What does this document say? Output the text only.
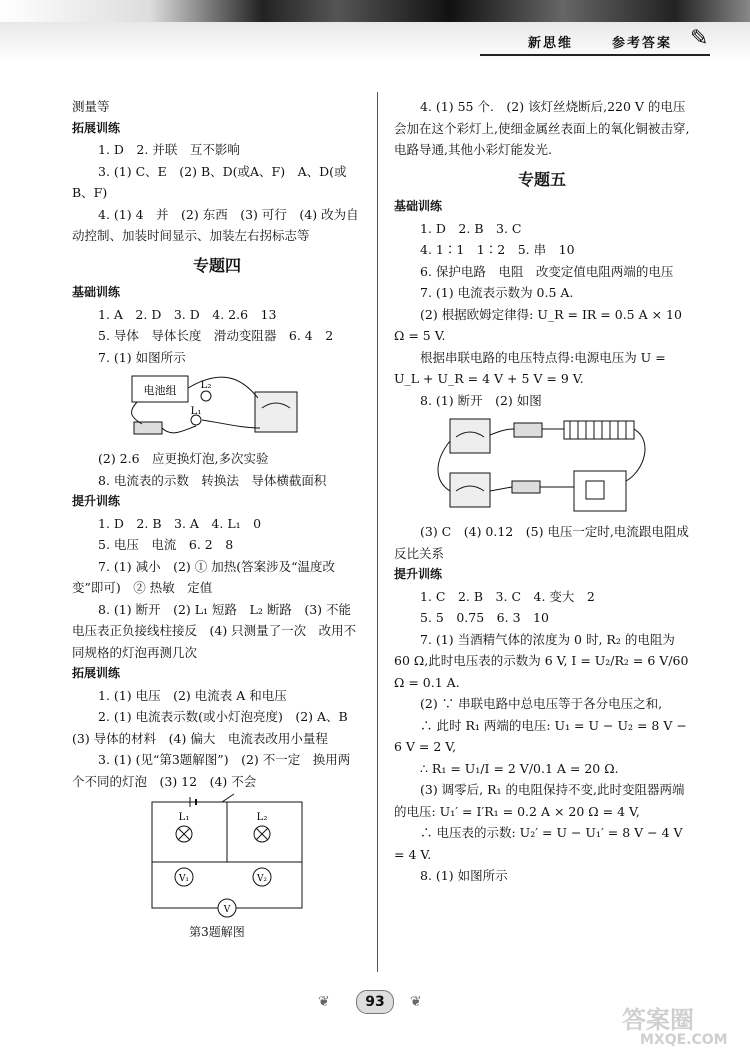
新思维	参考答案 ✎

测量等

拓展训练

1. D　2. 并联　互不影响

3. (1) C、E　(2) B、D(或A、F)　A、D(或B、F)

4. (1) 4　并　(2) 东西　(3) 可行　(4) 改为自动控制、加装时间显示、加装左右拐标志等

专题四

基础训练

1. A　2. D　3. D　4. 2.6　13

5. 导体　导体长度　滑动变阻器　6. 4　2

7. (1) 如图所示

电池组 L₂
L₁

(2) 2.6　应更换灯泡,多次实验

8. 电流表的示数　转换法　导体横截面积

提升训练

1. D　2. B　3. A　4. L₁　0

5. 电压　电流　6. 2　8

7. (1) 减小　(2) ① 加热(答案涉及“温度改变”即可)　② 热敏　定值

8. (1) 断开　(2) L₁ 短路　L₂ 断路　(3) 不能　电压表正负接线柱接反　(4) 只测量了一次　改用不同规格的灯泡再测几次

拓展训练

1. (1) 电压　(2) 电流表 A 和电压

2. (1) 电流表示数(或小灯泡亮度)　(2) A、B　(3) 导体的材料　(4) 偏大　电流表改用小量程

3. (1) (见“第3题解图”)　(2) 不一定　换用两个不同的灯泡　(3) 12　(4) 不会

L₁	L₂
V₁	V₂
V

第3题解图

4. (1) 55 个.　(2) 该灯丝烧断后,220 V 的电压会加在这个彩灯上,使细金属丝表面上的氧化铜被击穿,电路导通,其他小彩灯能发光.

专题五

基础训练

1. D　2. B　3. C

4. 1∶1　1∶2　5. 串　10

6. 保护电路　电阻　改变定值电阻两端的电压

7. (1) 电流表示数为 0.5 A.

(2) 根据欧姆定律得: U_R = IR = 0.5 A × 10 Ω = 5 V.

根据串联电路的电压特点得:电源电压为 U = U_L + U_R = 4 V + 5 V = 9 V.

8. (1) 断开　(2) 如图

(3) C　(4) 0.12　(5) 电压一定时,电流跟电阻成反比关系

提升训练

1. C　2. B　3. C　4. 变大　2

5. 5　0.75　6. 3　10

7. (1) 当酒精气体的浓度为 0 时, R₂ 的电阻为 60 Ω,此时电压表的示数为 6 V, I = U₂/R₂ = 6 V/60 Ω = 0.1 A.

(2) ∵ 串联电路中总电压等于各分电压之和,

∴ 此时 R₁ 两端的电压: U₁ = U − U₂ = 8 V − 6 V = 2 V,

∴ R₁ = U₁/I = 2 V/0.1 A = 20 Ω.

(3) 调零后, R₁ 的电阻保持不变,此时变阻器两端的电压: U₁′ = I′R₁ = 0.2 A × 20 Ω = 4 V,

∴ 电压表的示数: U₂′ = U − U₁′ = 8 V − 4 V = 4 V.

8. (1) 如图所示

❦	93	❦
答案圈
MXQE.COM
